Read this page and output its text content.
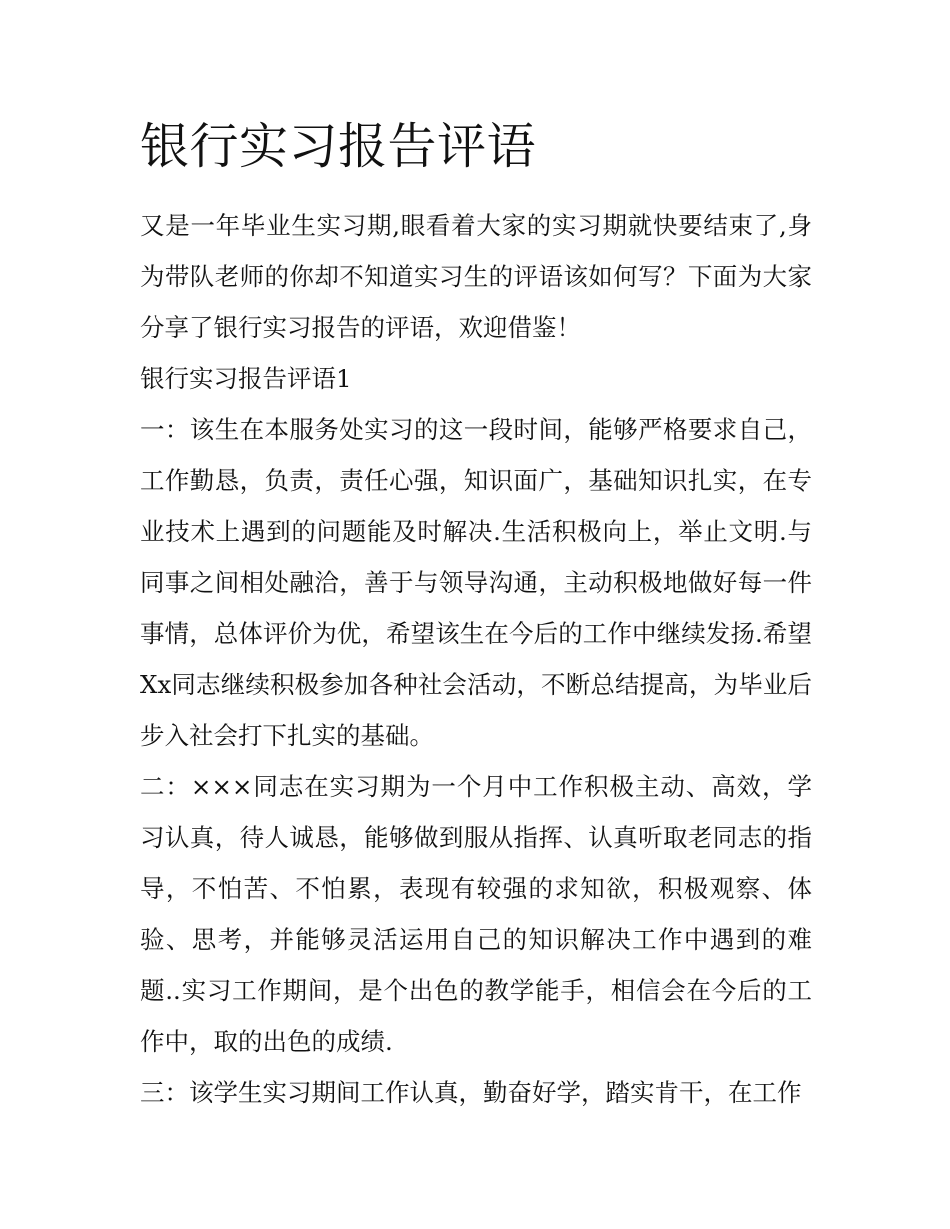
银行实习报告评语

又是一年毕业生实习期,眼看着大家的实习期就快要结束了,身为带队老师的你却不知道实习生的评语该如何写？下面为大家分享了银行实习报告的评语，欢迎借鉴！

银行实习报告评语1

一：该生在本服务处实习的这一段时间，能够严格要求自己，工作勤恳，负责，责任心强，知识面广，基础知识扎实，在专业技术上遇到的问题能及时解决.生活积极向上，举止文明.与同事之间相处融洽，善于与领导沟通，主动积极地做好每一件事情，总体评价为优，希望该生在今后的工作中继续发扬.希望Xx同志继续积极参加各种社会活动，不断总结提高，为毕业后步入社会打下扎实的基础。

二：×××同志在实习期为一个月中工作积极主动、高效，学习认真，待人诚恳，能够做到服从指挥、认真听取老同志的指导，不怕苦、不怕累，表现有较强的求知欲，积极观察、体验、思考，并能够灵活运用自己的知识解决工作中遇到的难题..实习工作期间，是个出色的教学能手，相信会在今后的工作中，取的出色的成绩.

三：该学生实习期间工作认真，勤奋好学，踏实肯干，在工作
